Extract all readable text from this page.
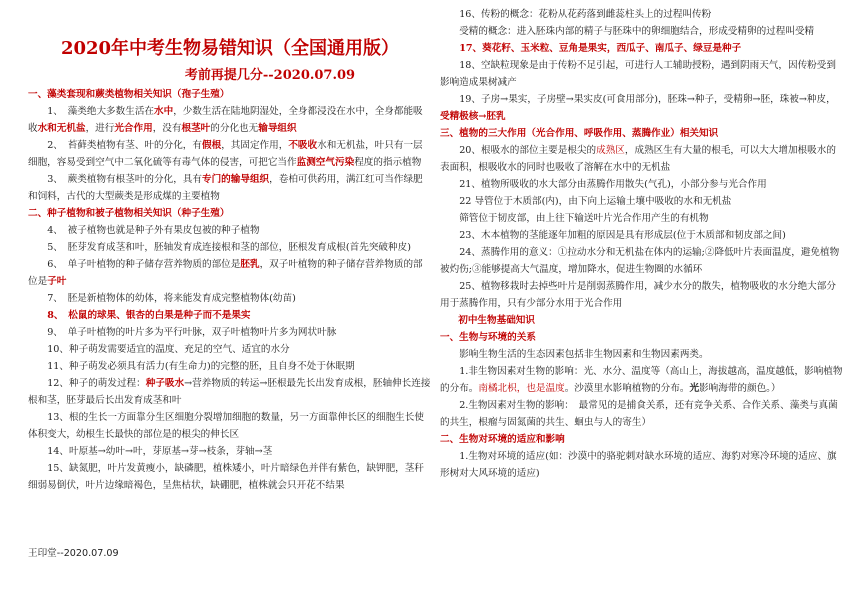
2020年中考生物易错知识（全国通用版）
考前再提几分--2020.07.09
一、藻类套现和蕨类植物相关知识（孢子生殖）

1、　藻类绝大多数生活在水中，少数生活在陆地阴湿处，全身都浸没在水中，全身都能吸收水和无机盐，进行光合作用，没有根茎叶的分化也无输导组织

2、　苔藓类植物有茎、叶的分化，有假根，其固定作用，不吸收水和无机盐，叶只有一层细胞，容易受到空气中二氧化硫等有毒气体的侵害，可把它当作监测空气污染程度的指示植物

3、　蕨类植物有根茎叶的分化，具有专门的输导组织，卷柏可供药用，满江红可当作绿肥和饲料，古代的大型蕨类是形成煤的主要植物

二、种子植物和被子植物相关知识（种子生殖）

4、　被子植物也就是种子外有果皮包被的种子植物

5、　胚芽发育成茎和叶，胚轴发育成连接根和茎的部位，胚根发育成根(首先突破种皮)

6、　单子叶植物的种子储存营养物质的部位是胚乳，双子叶植物的种子储存营养物质的部位是子叶

7、　胚是新植物体的幼体，将来能发育成完整植物体(幼苗)

8、　松鼠的球果、银杏的白果是种子而不是果实

9、　单子叶植物的叶片多为平行叶脉，双子叶植物叶片多为网状叶脉

10、种子萌发需要适宜的温度、充足的空气、适宜的水分

11、种子萌发必须具有活力(有生命力)的完整的胚，且自身不处于休眠期

12、种子的萌发过程：种子吸水→营养物质的转运→胚根最先长出发育成根，胚轴伸长连接根和茎，胚芽最后长出发育成茎和叶

13、根的生长一方面靠分生区细胞分裂增加细胞的数量，另一方面靠伸长区的细胞生长使体积变大，幼根生长最快的部位是的根尖的伸长区

14、叶原基→幼叶→叶，芽原基→芽→枝条，芽轴→茎

15、缺氮肥，叶片发黄瘦小，缺磷肥，植株矮小，叶片暗绿色并伴有紫色，缺钾肥，茎秆细弱易倒伏，叶片边缘暗褐色，呈焦枯状，缺硼肥，植株就会只开花不结果

16、传粉的概念：花粉从花药落到雌蕊柱头上的过程叫传粉

受精的概念：进入胚珠内部的精子与胚珠中的卵细胞结合，形成受精卵的过程叫受精

17、葵花籽、玉米粒、豆角是果实，西瓜子、南瓜子、绿豆是种子

18、空缺粒现象是由于传粉不足引起，可进行人工辅助授粉，遇到阴雨天气，因传粉受到影响造成果树减产

19、子房→果实，子房壁→果实皮(可食用部分)，胚珠→种子，受精卵→胚，珠被→种皮，受精极核→胚乳

三、植物的三大作用（光合作用、呼吸作用、蒸腾作业）相关知识

20、根吸水的部位主要是根尖的成熟区，成熟区生有大量的根毛，可以大大增加根吸水的表面积，根吸收水的同时也吸收了溶解在水中的无机盐

21、植物所吸收的水大部分由蒸腾作用散失(气孔)，小部分参与光合作用

22 导管位于木质部(内)，由下向上运输土壤中吸收的水和无机盐

筛管位于韧皮部，由上往下输送叶片光合作用产生的有机物

23、木本植物的茎能逐年加粗的原因是具有形成层(位于木质部和韧皮部之间)

24、蒸腾作用的意义：①拉动水分和无机盐在体内的运输;②降低叶片表面温度，避免植物被灼伤;③能够提高大气温度，增加降水，促进生物圈的水循环

25、植物移栽时去掉些叶片是削弱蒸腾作用，减少水分的散失，植物吸收的水分绝大部分用于蒸腾作用，只有少部分水用于光合作用

初中生物基础知识
一、生物与环境的关系

影响生物生活的生态因素包括非生物因素和生物因素两类。

1.非生物因素对生物的影响：光、水分、温度等（高山上，海拔越高，温度越低，影响植物的分布。南橘北枳，也是温度。沙漠里水影响植物的分布。光影响海带的颜色。）

2.生物因素对生物的影响：　最常见的是捕食关系，还有竞争关系、合作关系、藻类与真菌的共生，根瘤与固氮菌的共生、蛔虫与人的寄生）

二、生物对环境的适应和影响

1.生物对环境的适应(如：沙漠中的骆驼刺对缺水环境的适应、海豹对寒冷环境的适应、旗形树对大风环境的适应)

王印堂--2020.07.09
